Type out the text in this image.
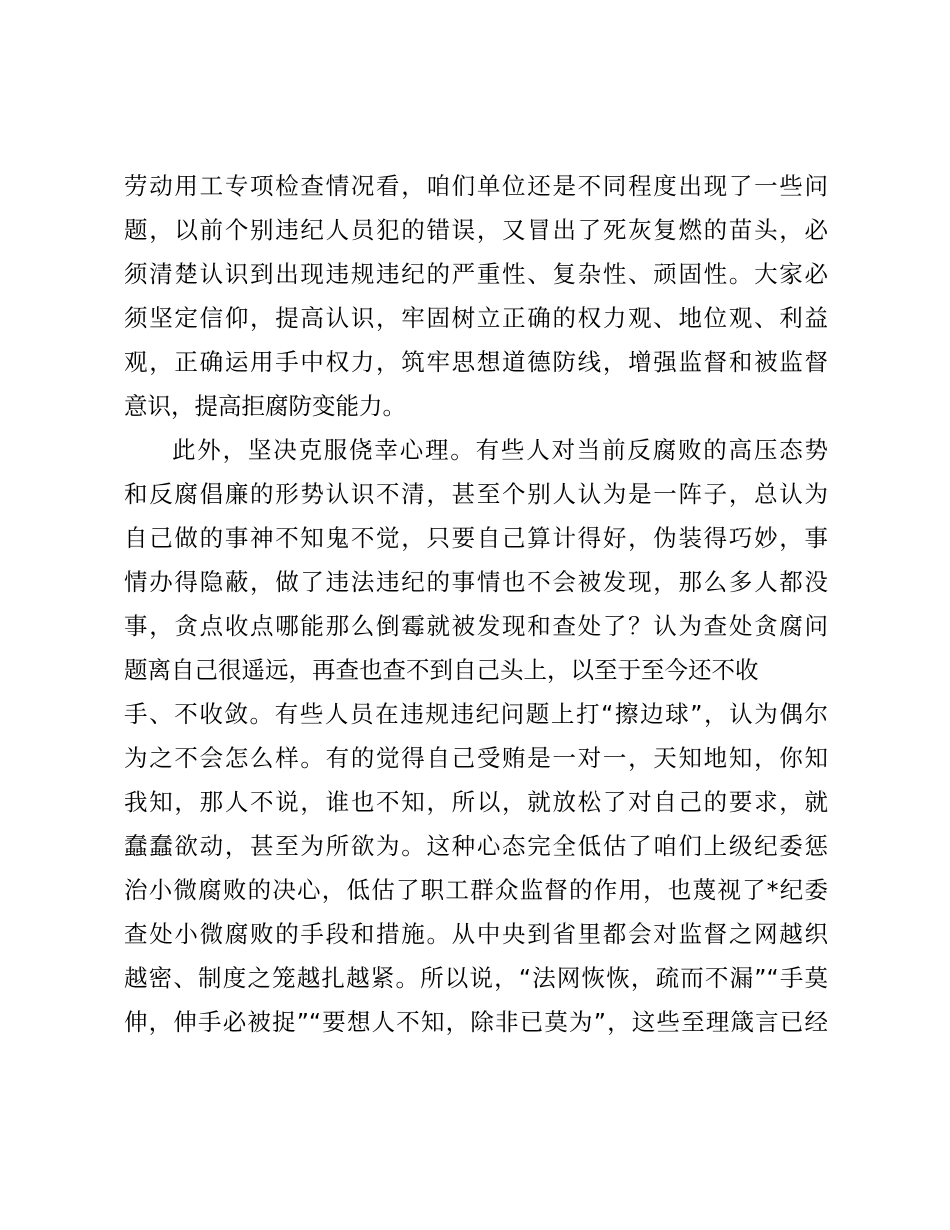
劳动用工专项检查情况看，咱们单位还是不同程度出现了一些问
题，以前个别违纪人员犯的错误，又冒出了死灰复燃的苗头，必
须清楚认识到出现违规违纪的严重性、复杂性、顽固性。大家必
须坚定信仰，提高认识，牢固树立正确的权力观、地位观、利益
观，正确运用手中权力，筑牢思想道德防线，增强监督和被监督
意识，提高拒腐防变能力。
此外，坚决克服侥幸心理。有些人对当前反腐败的高压态势
和反腐倡廉的形势认识不清，甚至个别人认为是一阵子，总认为
自己做的事神不知鬼不觉，只要自己算计得好，伪装得巧妙，事
情办得隐蔽，做了违法违纪的事情也不会被发现，那么多人都没
事，贪点收点哪能那么倒霉就被发现和查处了？认为查处贪腐问
题离自己很遥远，再查也查不到自己头上，以至于至今还不收
手、不收敛。有些人员在违规违纪问题上打“擦边球”，认为偶尔
为之不会怎么样。有的觉得自己受贿是一对一，天知地知，你知
我知，那人不说，谁也不知，所以，就放松了对自己的要求，就
蠢蠢欲动，甚至为所欲为。这种心态完全低估了咱们上级纪委惩
治小微腐败的决心，低估了职工群众监督的作用，也蔑视了*纪委
查处小微腐败的手段和措施。从中央到省里都会对监督之网越织
越密、制度之笼越扎越紧。所以说，“法网恢恢，疏而不漏”“手莫
伸，伸手必被捉”“要想人不知，除非已莫为”，这些至理箴言已经
